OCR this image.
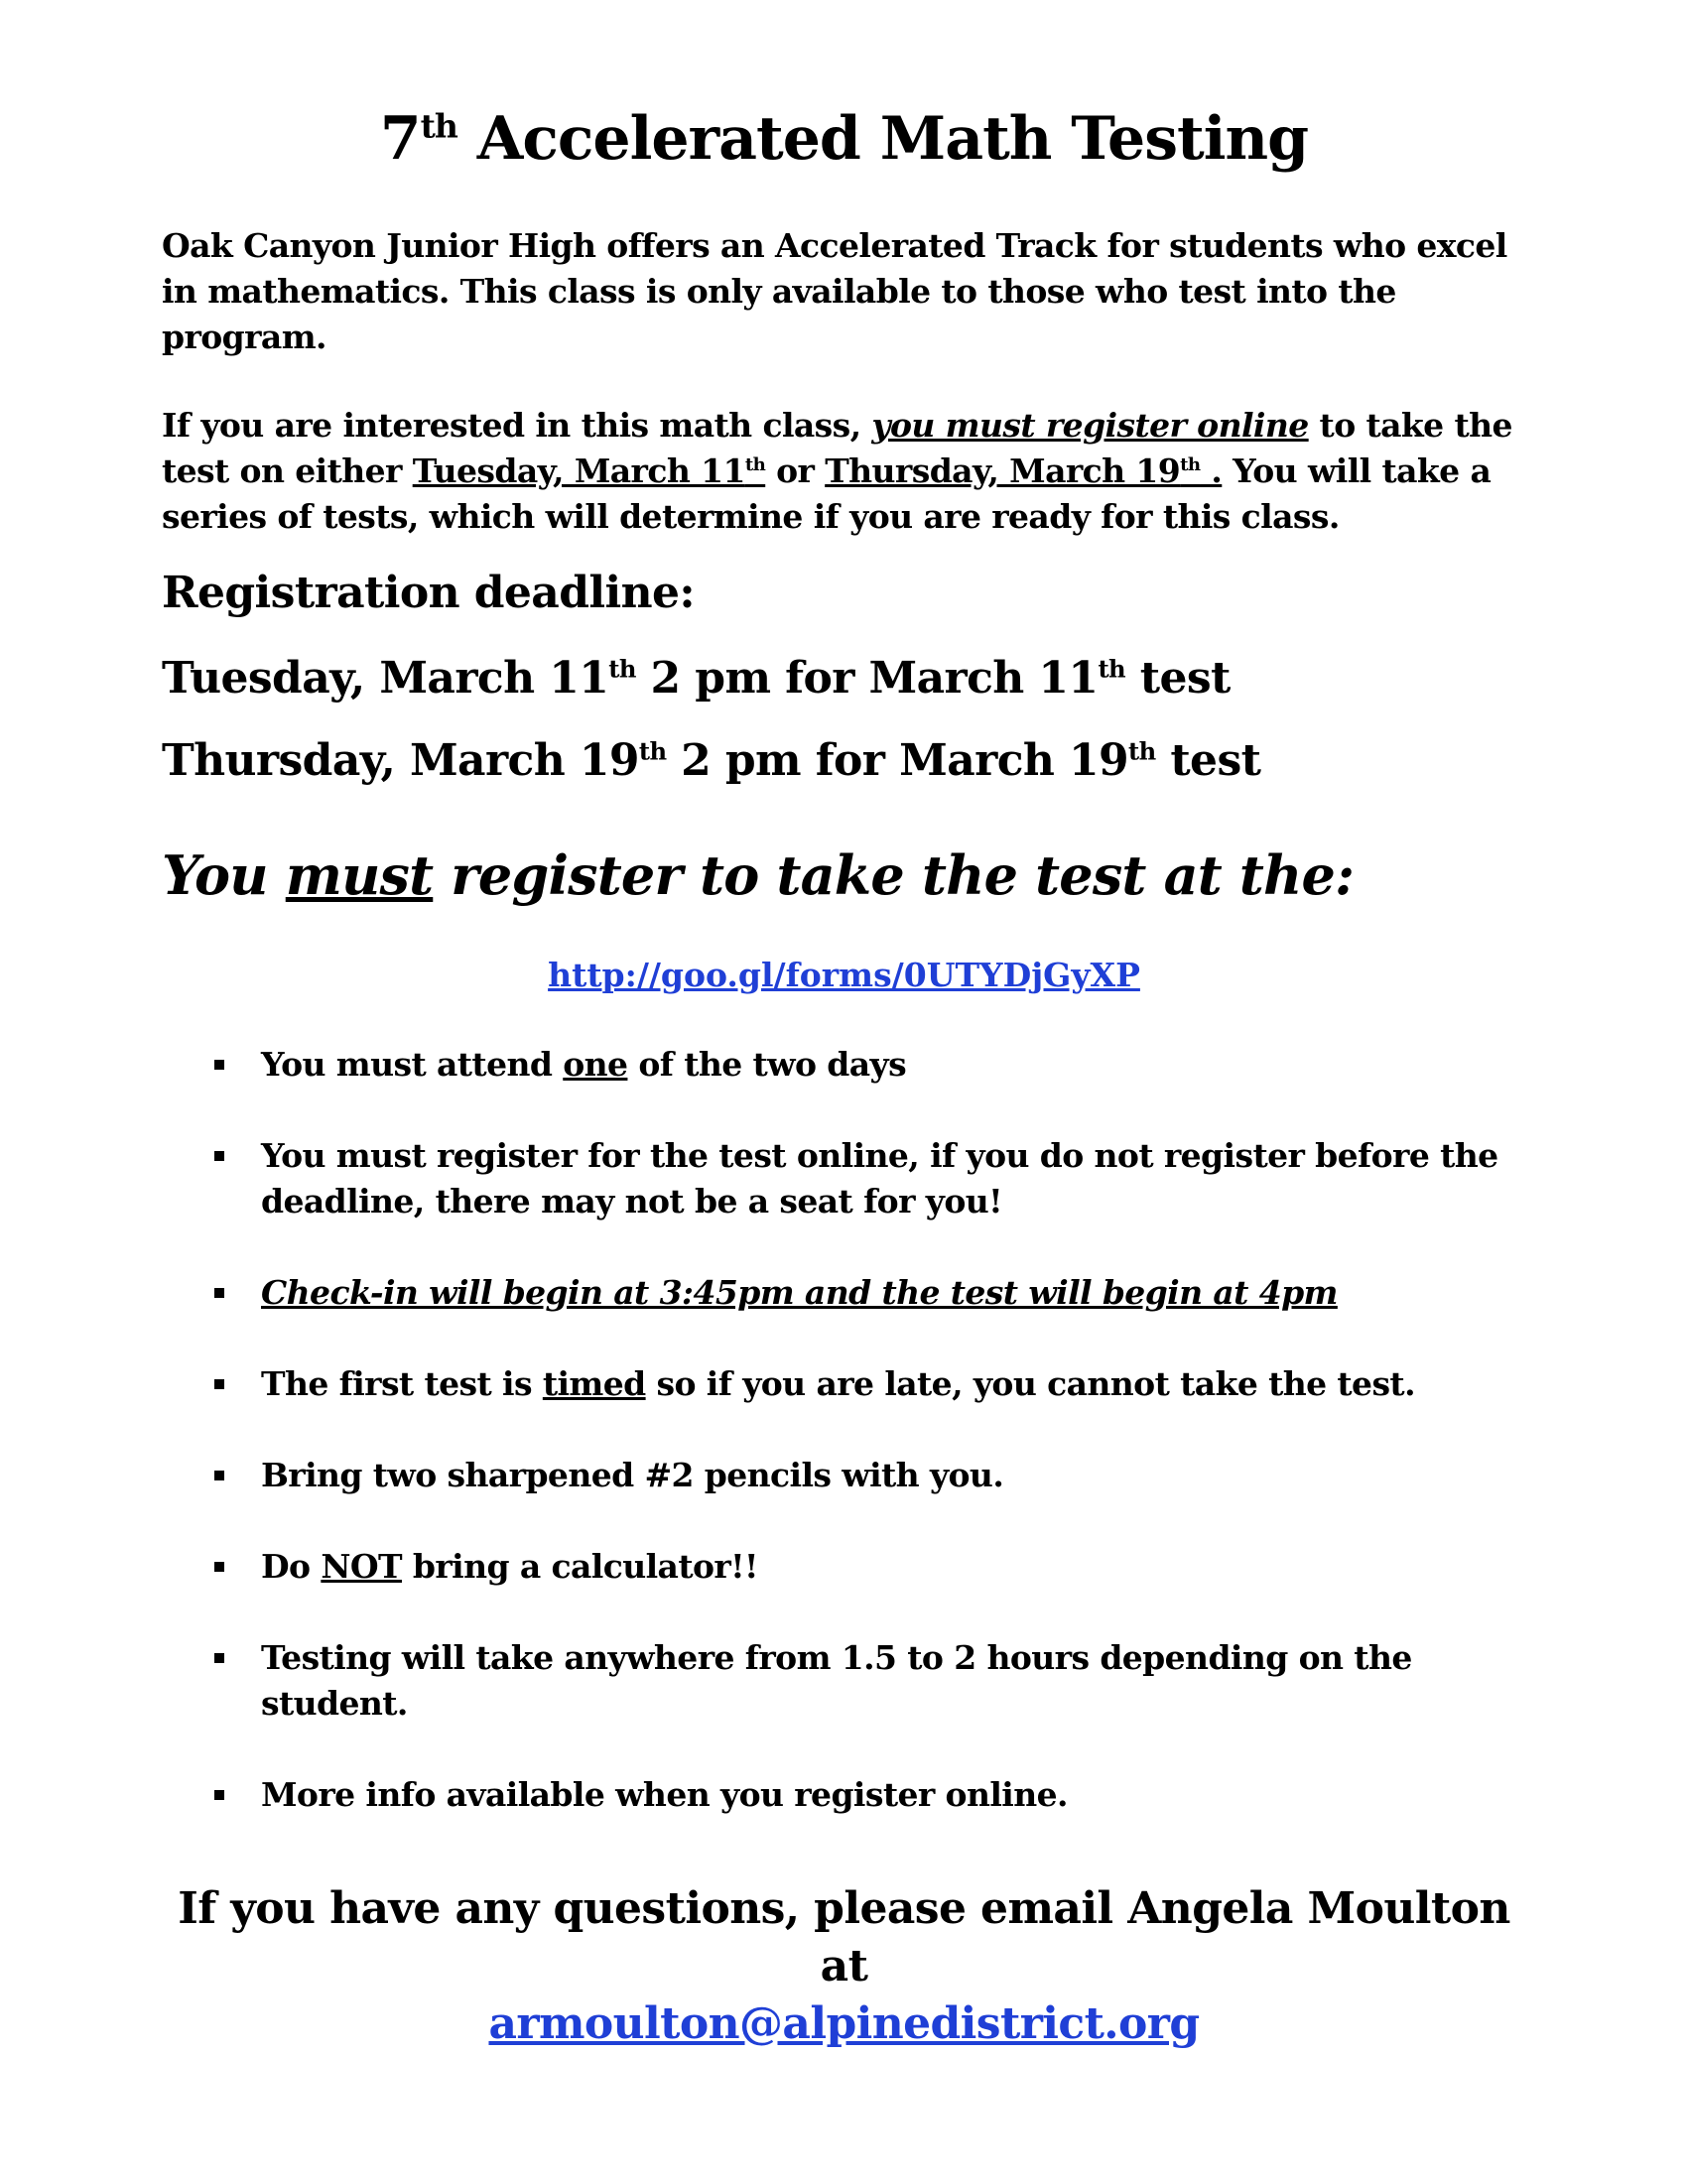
7th Accelerated Math Testing
Oak Canyon Junior High offers an Accelerated Track for students who excel in mathematics. This class is only available to those who test into the program.
If you are interested in this math class, you must register online to take the test on either Tuesday, March 11th or Thursday, March 19th . You will take a series of tests, which will determine if you are ready for this class.
Registration deadline:
Tuesday, March 11th 2 pm for March 11th test
Thursday, March 19th 2 pm for March 19th test
You must register to take the test at the:
http://goo.gl/forms/0UTYDjGyXP
You must attend one of the two days
You must register for the test online, if you do not register before the deadline, there may not be a seat for you!
Check-in will begin at 3:45pm and the test will begin at 4pm
The first test is timed so if you are late, you cannot take the test.
Bring two sharpened #2 pencils with you.
Do NOT bring a calculator!!
Testing will take anywhere from 1.5 to 2 hours depending on the student.
More info available when you register online.
If you have any questions, please email Angela Moulton at
armoulton@alpinedistrict.org
